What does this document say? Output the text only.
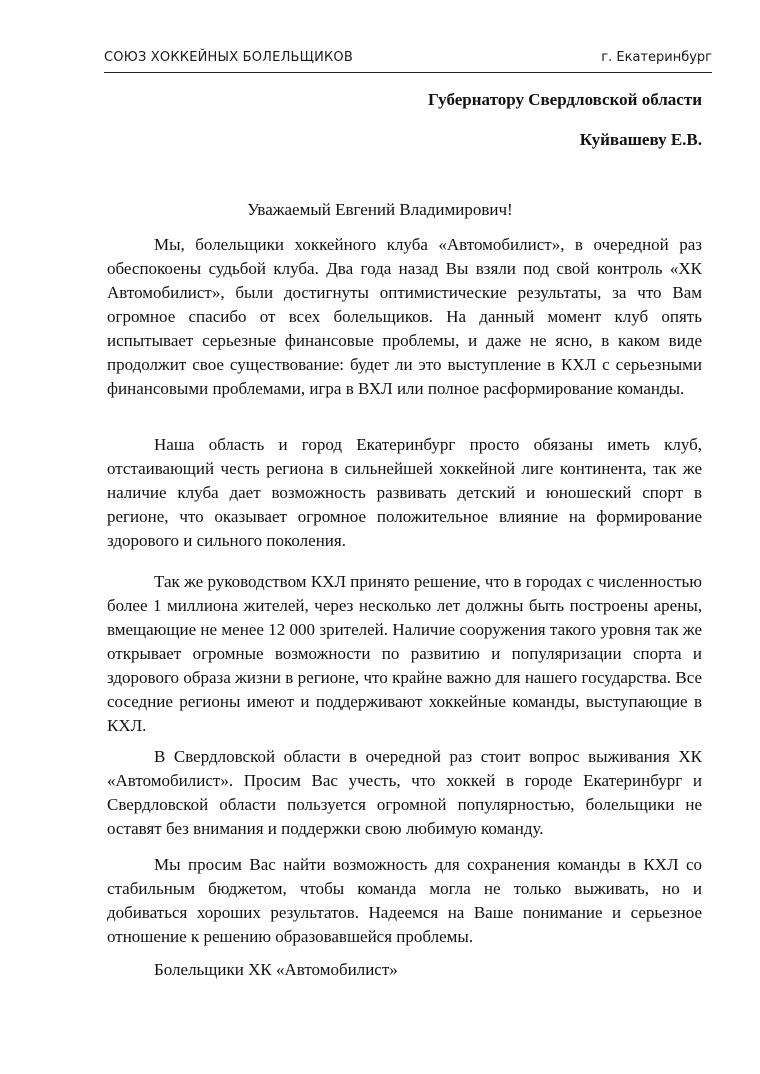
СОЮЗ ХОККЕЙНЫХ БОЛЕЛЬЩИКОВ	г. Екатеринбург
Губернатору Свердловской области
Куйвашеву Е.В.
Уважаемый Евгений Владимирович!

Мы, болельщики хоккейного клуба «Автомобилист», в очередной раз обеспокоены судьбой клуба. Два года назад Вы взяли под свой контроль «ХК Автомобилист», были достигнуты оптимистические результаты, за что Вам огромное спасибо от всех болельщиков. На данный момент клуб опять испытывает серьезные финансовые проблемы, и даже не ясно, в каком виде продолжит свое существование: будет ли это выступление в КХЛ с серьезными финансовыми проблемами, игра в ВХЛ или полное расформирование команды.

Наша область и город Екатеринбург просто обязаны иметь клуб, отстаивающий честь региона в сильнейшей хоккейной лиге континента, так же наличие клуба дает возможность развивать детский и юношеский спорт в регионе, что оказывает огромное положительное влияние на формирование здорового и сильного поколения.

Так же руководством КХЛ принято решение, что в городах с численностью более 1 миллиона жителей, через несколько лет должны быть построены арены, вмещающие не менее 12 000 зрителей. Наличие сооружения такого уровня так же открывает огромные возможности по развитию и популяризации спорта и здорового образа жизни в регионе, что крайне важно для нашего государства. Все соседние регионы имеют и поддерживают хоккейные команды, выступающие в КХЛ.

В Свердловской области в очередной раз стоит вопрос выживания ХК «Автомобилист». Просим Вас учесть, что хоккей в городе Екатеринбург и Свердловской области пользуется огромной популярностью, болельщики не оставят без внимания и поддержки свою любимую команду.

Мы просим Вас найти возможность для сохранения команды в КХЛ со стабильным бюджетом, чтобы команда могла не только выживать, но и добиваться хороших результатов. Надеемся на Ваше понимание и серьезное отношение к решению образовавшейся проблемы.

Болельщики ХК «Автомобилист»
